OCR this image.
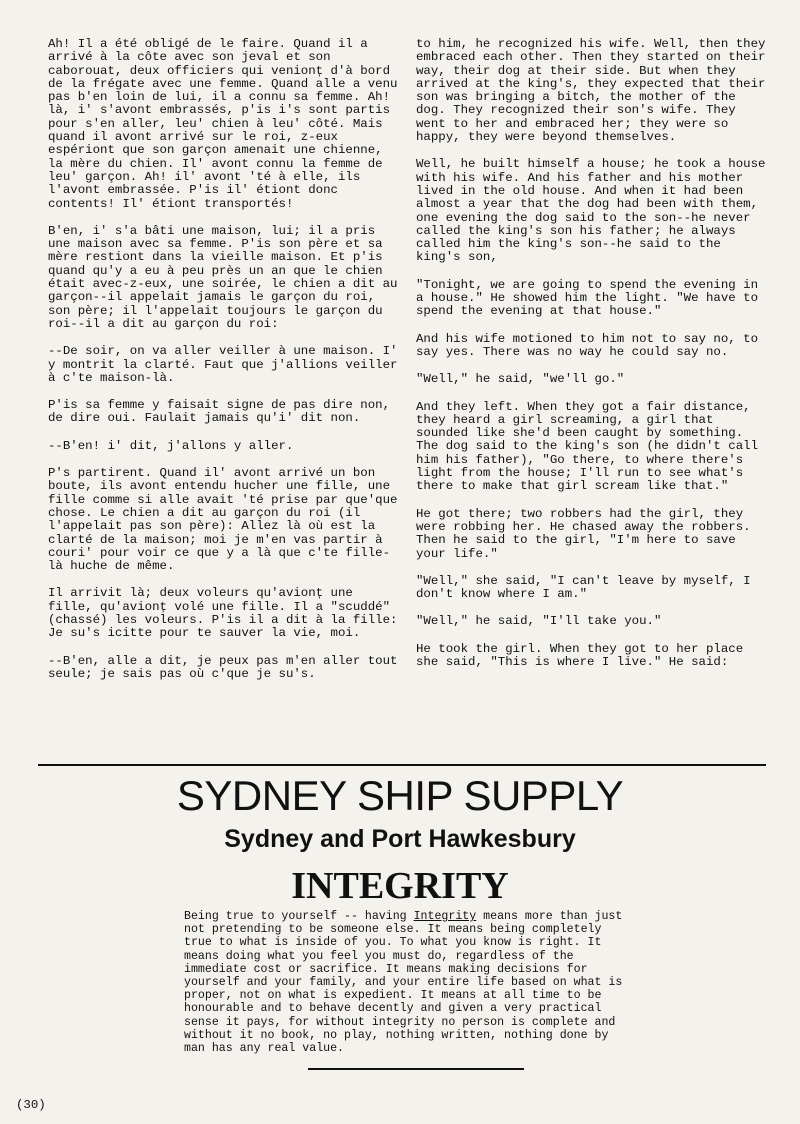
Ah! Il a été obligé de le faire. Quand il a arrivé à la côte avec son jeval et son caborouat, deux officiers qui venionț d'à bord de la frégate avec une femme. Quand alle a venu pas b'en loin de lui, il a connu sa femme. Ah! là, i' s'avont embrassés, p'is i's sont partis pour s'en aller, leu' chien à leu' côté. Mais quand il avont arrivé sur le roi, z-eux espériont que son garçon amenait une chienne, la mère du chien. Il' avont connu la femme de leu' garçon. Ah! il' avont 'té à elle, ils l'avont embrassée. P'is il' étiont donc contents! Il' étiont transportés!

B'en, i' s'a bâti une maison, lui; il a pris une maison avec sa femme. P'is son père et sa mère restiont dans la vieille maison. Et p'is quand qu'y a eu à peu près un an que le chien était avec-z-eux, une soirée, le chien a dit au garçon--il appelait jamais le garçon du roi, son père; il l'appelait toujours le garçon du roi--il a dit au garçon du roi:

--De soir, on va aller veiller à une maison. I' y montrit la clarté. Faut que j'allions veiller à c'te maison-là.

P'is sa femme y faisait signe de pas dire non, de dire oui. Faulait jamais qu'i' dit non.

--B'en! i' dit, j'allons y aller.

P's partirent. Quand il' avont arrivé un bon boute, ils avont entendu hucher une fille, une fille comme si alle avait 'té prise par que'que chose. Le chien a dit au garçon du roi (il l'appelait pas son père): Allez là où est la clarté de la maison; moi je m'en vas partir à couri' pour voir ce que y a là que c'te fille-là huche de même.

Il arrivit là; deux voleurs qu'avionț une fille, qu'avionț volé une fille. Il a "scuddé" (chassé) les voleurs. P'is il a dit à la fille: Je su's icitte pour te sauver la vie, moi.

--B'en, alle a dit, je peux pas m'en aller tout seule; je sais pas où c'que je su's.

to him, he recognized his wife. Well, then they embraced each other. Then they started on their way, their dog at their side. But when they arrived at the king's, they expected that their son was bringing a bitch, the mother of the dog. They recognized their son's wife. They went to her and embraced her; they were so happy, they were beyond themselves.

Well, he built himself a house; he took a house with his wife. And his father and his mother lived in the old house. And when it had been almost a year that the dog had been with them, one evening the dog said to the son--he never called the king's son his father; he always called him the king's son--he said to the king's son,

"Tonight, we are going to spend the evening in a house." He showed him the light. "We have to spend the evening at that house."

And his wife motioned to him not to say no, to say yes. There was no way he could say no.

"Well," he said, "we'll go."

And they left. When they got a fair distance, they heard a girl screaming, a girl that sounded like she'd been caught by something. The dog said to the king's son (he didn't call him his father), "Go there, to where there's light from the house; I'll run to see what's there to make that girl scream like that."

He got there; two robbers had the girl, they were robbing her. He chased away the robbers. Then he said to the girl, "I'm here to save your life."

"Well," she said, "I can't leave by myself, I don't know where I am."

"Well," he said, "I'll take you."

He took the girl. When they got to her place she said, "This is where I live." He said:

SYDNEY SHIP SUPPLY
Sydney and Port Hawkesbury
INTEGRITY
Being true to yourself -- having Integrity means more than just not pretending to be someone else. It means being completely true to what is inside of you. To what you know is right. It means doing what you feel you must do, regardless of the immediate cost or sacrifice. It means making decisions for yourself and your family, and your entire life based on what is proper, not on what is expedient. It means at all time to be honourable and to behave decently and given a very practical sense it pays, for without integrity no person is complete and without it no book, no play, nothing written, nothing done by man has any real value.
(30)
